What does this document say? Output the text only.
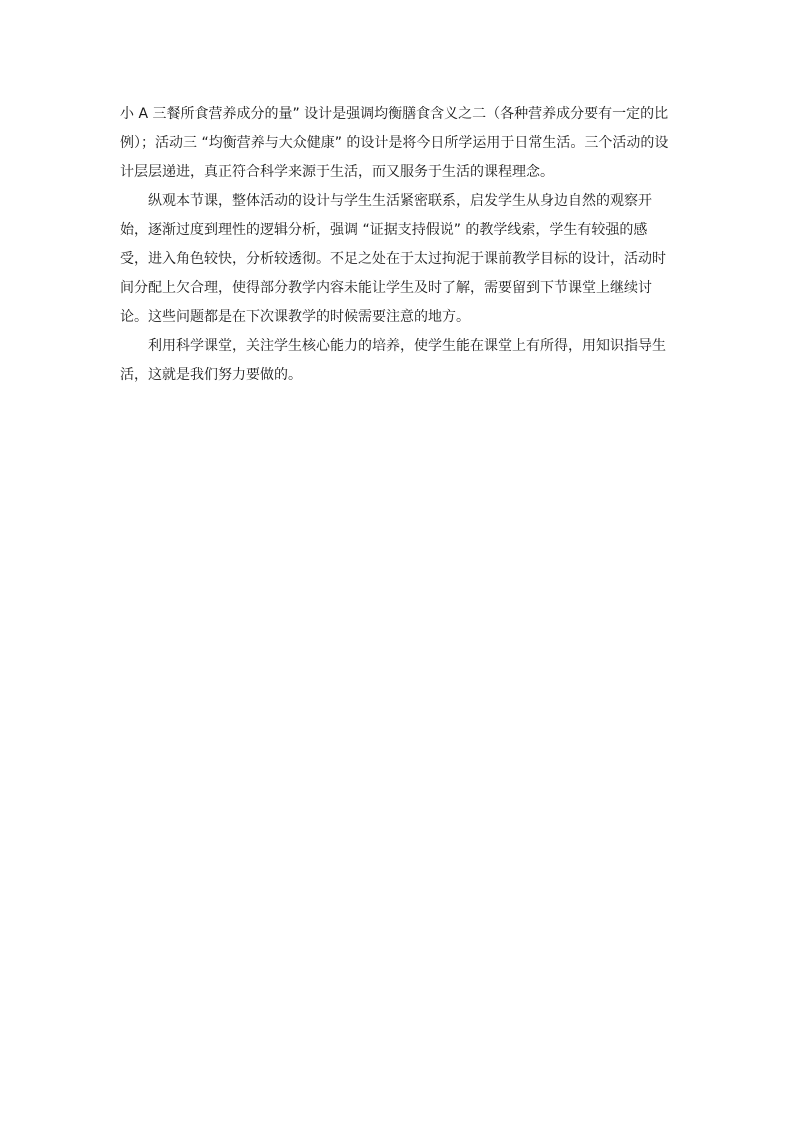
小 A 三餐所食营养成分的量” 设计是强调均衡膳食含义之二（各种营养成分要有一定的比
例）；活动三 “均衡营养与大众健康” 的设计是将今日所学运用于日常生活。三个活动的设
计层层递进，真正符合科学来源于生活，而又服务于生活的课程理念。
纵观本节课，整体活动的设计与学生生活紧密联系，启发学生从身边自然的观察开
始，逐渐过度到理性的逻辑分析，强调 “证据支持假说” 的教学线索，学生有较强的感
受，进入角色较快，分析较透彻。不足之处在于太过拘泥于课前教学目标的设计，活动时
间分配上欠合理，使得部分教学内容未能让学生及时了解，需要留到下节课堂上继续讨
论。这些问题都是在下次课教学的时候需要注意的地方。
利用科学课堂，关注学生核心能力的培养，使学生能在课堂上有所得，用知识指导生
活，这就是我们努力要做的。
